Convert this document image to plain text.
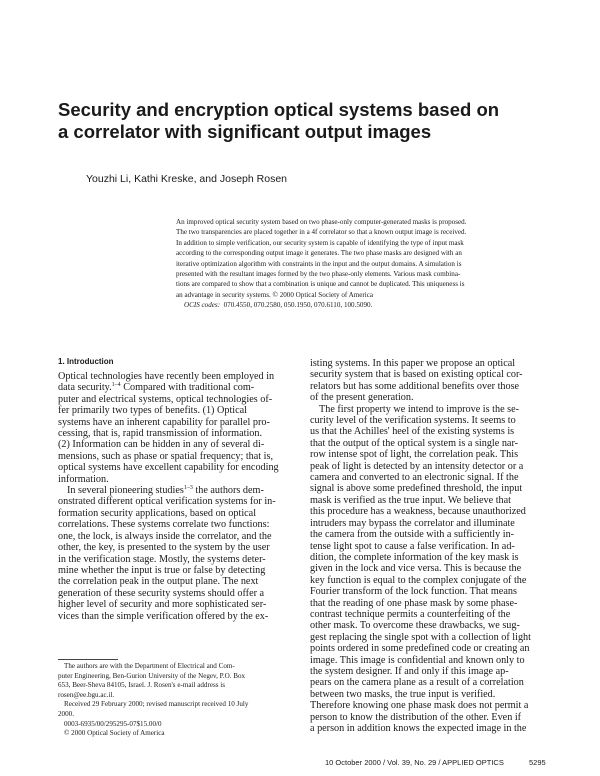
Security and encryption optical systems based on
a correlator with significant output images
Youzhi Li, Kathi Kreske, and Joseph Rosen
An improved optical security system based on two phase-only computer-generated masks is proposed.
The two transparencies are placed together in a 4f correlator so that a known output image is received.
In addition to simple verification, our security system is capable of identifying the type of input mask
according to the corresponding output image it generates. The two phase masks are designed with an
iterative optimization algorithm with constraints in the input and the output domains. A simulation is
presented with the resultant images formed by the two phase-only elements. Various mask combina-
tions are compared to show that a combination is unique and cannot be duplicated. This uniqueness is
an advantage in security systems. © 2000 Optical Society of America
OCIS codes: 070.4550, 070.2580, 050.1950, 070.6110, 100.5090.
1. Introduction
Optical technologies have recently been employed in
data security.$^{1-4}$ Compared with traditional com-
puter and electrical systems, optical technologies of-
fer primarily two types of benefits. (1) Optical
systems have an inherent capability for parallel pro-
cessing, that is, rapid transmission of information.
(2) Information can be hidden in any of several di-
mensions, such as phase or spatial frequency; that is,
optical systems have excellent capability for encoding
information.
In several pioneering studies$^{1-3}$ the authors dem-
onstrated different optical verification systems for in-
formation security applications, based on optical
correlations. These systems correlate two functions:
one, the lock, is always inside the correlator, and the
other, the key, is presented to the system by the user
in the verification stage. Mostly, the systems deter-
mine whether the input is true or false by detecting
the correlation peak in the output plane. The next
generation of these security systems should offer a
higher level of security and more sophisticated ser-
vices than the simple verification offered by the ex-
isting systems. In this paper we propose an optical
security system that is based on existing optical cor-
relators but has some additional benefits over those
of the present generation.
The first property we intend to improve is the se-
curity level of the verification systems. It seems to
us that the Achilles' heel of the existing systems is
that the output of the optical system is a single nar-
row intense spot of light, the correlation peak. This
peak of light is detected by an intensity detector or a
camera and converted to an electronic signal. If the
signal is above some predefined threshold, the input
mask is verified as the true input. We believe that
this procedure has a weakness, because unauthorized
intruders may bypass the correlator and illuminate
the camera from the outside with a sufficiently in-
tense light spot to cause a false verification. In ad-
dition, the complete information of the key mask is
given in the lock and vice versa. This is because the
key function is equal to the complex conjugate of the
Fourier transform of the lock function. That means
that the reading of one phase mask by some phase-
contrast technique permits a counterfeiting of the
other mask. To overcome these drawbacks, we sug-
gest replacing the single spot with a collection of light
points ordered in some predefined code or creating an
image. This image is confidential and known only to
the system designer. If and only if this image ap-
pears on the camera plane as a result of a correlation
between two masks, the true input is verified.
Therefore knowing one phase mask does not permit a
person to know the distribution of the other. Even if
a person in addition knows the expected image in the
The authors are with the Department of Electrical and Com-
puter Engineering, Ben-Gurion University of the Negev, P.O. Box
653, Beer-Sheva 84105, Israel. J. Rosen's e-mail address is
rosen@ee.bgu.ac.il.
Received 29 February 2000; revised manuscript received 10 July
2000.
0003-6935/00/295295-07$15.00/0
© 2000 Optical Society of America
10 October 2000 / Vol. 39, No. 29 / APPLIED OPTICS	5295
